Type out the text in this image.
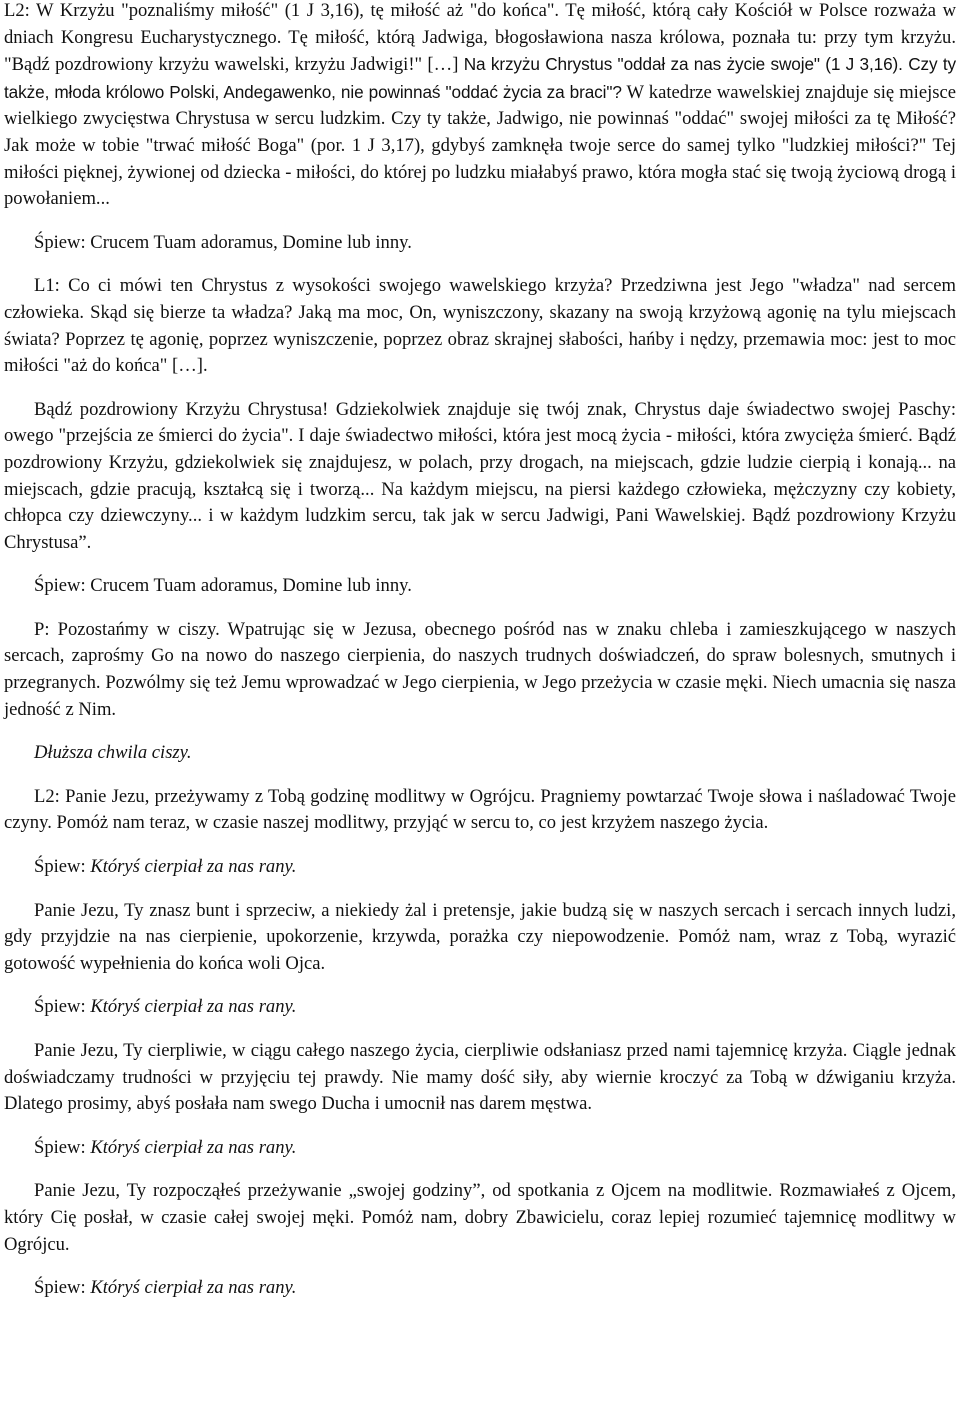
L2: W Krzyżu "poznaliśmy miłość" (1 J 3,16), tę miłość aż "do końca". Tę miłość, którą cały Kościół w Polsce rozważa w dniach Kongresu Eucharystycznego. Tę miłość, którą Jadwiga, błogosławiona nasza królowa, poznała tu: przy tym krzyżu. "Bądź pozdrowiony krzyżu wawelski, krzyżu Jadwigi!" […] Na krzyżu Chrystus "oddał za nas życie swoje" (1 J 3,16). Czy ty także, młoda królowo Polski, Andegawenko, nie powinnaś "oddać życia za braci"? W katedrze wawelskiej znajduje się miejsce wielkiego zwycięstwa Chrystusa w sercu ludzkim. Czy ty także, Jadwigo, nie powinnaś "oddać" swojej miłości za tę Miłość? Jak może w tobie "trwać miłość Boga" (por. 1 J 3,17), gdybyś zamknęła twoje serce do samej tylko "ludzkiej miłości?" Tej miłości pięknej, żywionej od dziecka - miłości, do której po ludzku miałabyś prawo, która mogła stać się twoją życiową drogą i powołaniem...

Śpiew: Crucem Tuam adoramus, Domine lub inny.

L1: Co ci mówi ten Chrystus z wysokości swojego wawelskiego krzyża? Przedziwna jest Jego "władza" nad sercem człowieka. Skąd się bierze ta władza? Jaką ma moc, On, wyniszczony, skazany na swoją krzyżową agonię na tylu miejscach świata? Poprzez tę agonię, poprzez wyniszczenie, poprzez obraz skrajnej słabości, hańby i nędzy, przemawia moc: jest to moc miłości "aż do końca" […].

Bądź pozdrowiony Krzyżu Chrystusa! Gdziekolwiek znajduje się twój znak, Chrystus daje świadectwo swojej Paschy: owego "przejścia ze śmierci do życia". I daje świadectwo miłości, która jest mocą życia - miłości, która zwycięża śmierć. Bądź pozdrowiony Krzyżu, gdziekolwiek się znajdujesz, w polach, przy drogach, na miejscach, gdzie ludzie cierpią i konają... na miejscach, gdzie pracują, kształcą się i tworzą... Na każdym miejscu, na piersi każdego człowieka, mężczyzny czy kobiety, chłopca czy dziewczyny... i w każdym ludzkim sercu, tak jak w sercu Jadwigi, Pani Wawelskiej. Bądź pozdrowiony Krzyżu Chrystusa”.

Śpiew: Crucem Tuam adoramus, Domine lub inny.

P: Pozostańmy w ciszy. Wpatrując się w Jezusa, obecnego pośród nas w znaku chleba i zamieszkującego w naszych sercach, zaprośmy Go na nowo do naszego cierpienia, do naszych trudnych doświadczeń, do spraw bolesnych, smutnych i przegranych. Pozwólmy się też Jemu wprowadzać w Jego cierpienia, w Jego przeżycia w czasie męki. Niech umacnia się nasza jedność z Nim.

Dłuższa chwila ciszy.

L2: Panie Jezu, przeżywamy z Tobą godzinę modlitwy w Ogrójcu. Pragniemy powtarzać Twoje słowa i naśladować Twoje czyny. Pomóż nam teraz, w czasie naszej modlitwy, przyjąć w sercu to, co jest krzyżem naszego życia.

Śpiew: Któryś cierpiał za nas rany.

Panie Jezu, Ty znasz bunt i sprzeciw, a niekiedy żal i pretensje, jakie budzą się w naszych sercach i sercach innych ludzi, gdy przyjdzie na nas cierpienie, upokorzenie, krzywda, porażka czy niepowodzenie. Pomóż nam, wraz z Tobą, wyrazić gotowość wypełnienia do końca woli Ojca.

Śpiew: Któryś cierpiał za nas rany.

Panie Jezu, Ty cierpliwie, w ciągu całego naszego życia, cierpliwie odsłaniasz przed nami tajemnicę krzyża. Ciągle jednak doświadczamy trudności w przyjęciu tej prawdy. Nie mamy dość siły, aby wiernie kroczyć za Tobą w dźwiganiu krzyża. Dlatego prosimy, abyś posłała nam swego Ducha i umocnił nas darem męstwa.

Śpiew: Któryś cierpiał za nas rany.

Panie Jezu, Ty rozpocząłeś przeżywanie „swojej godziny”, od spotkania z Ojcem na modlitwie. Rozmawiałeś z Ojcem, który Cię posłał, w czasie całej swojej męki. Pomóż nam, dobry Zbawicielu, coraz lepiej rozumieć tajemnicę modlitwy w Ogrójcu.

Śpiew: Któryś cierpiał za nas rany.
